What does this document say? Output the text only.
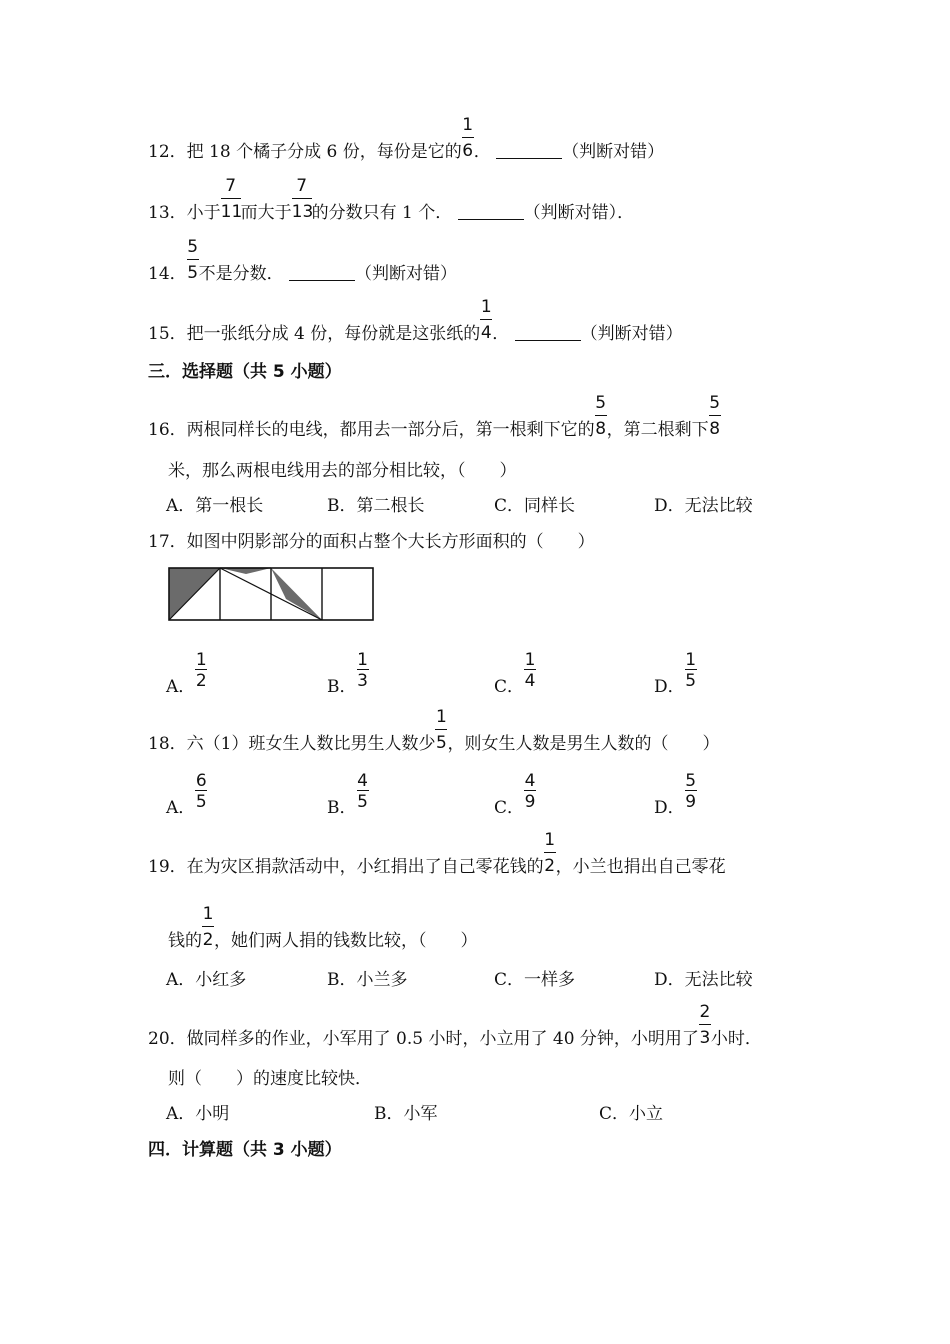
12．把 18 个橘子分成 6 份，每份是它的 $\frac{1}{6}$ ．	（判断对错）
13．小于 $\frac{7}{11}$ 而大于 $\frac{7}{13}$ 的分数只有 1 个．	（判断对错）．
14． $\frac{5}{5}$ 不是分数．	（判断对错）
15．把一张纸分成 4 份，每份就是这张纸的 $\frac{1}{4}$ ．	（判断对错）
三．选择题（共 5 小题）
16．两根同样长的电线，都用去一部分后，第一根剩下它的 $\frac{5}{8}$ ，第二根剩下 $\frac{5}{8}$
米，那么两根电线用去的部分相比较，（　　）
A．第一根长	B．第二根长	C．同样长	D．无法比较
17．如图中阴影部分的面积占整个大长方形面积的（　　）
A． $\frac{1}{2}$	B． $\frac{1}{3}$	C． $\frac{1}{4}$	D． $\frac{1}{5}$
18．六（1）班女生人数比男生人数少 $\frac{1}{5}$ ，则女生人数是男生人数的（　　）
A． $\frac{6}{5}$	B． $\frac{4}{5}$	C． $\frac{4}{9}$	D． $\frac{5}{9}$
19．在为灾区捐款活动中，小红捐出了自己零花钱的 $\frac{1}{2}$ ，小兰也捐出自己零花
钱的 $\frac{1}{2}$ ，她们两人捐的钱数比较，（　　）
A．小红多	B．小兰多	C．一样多	D．无法比较
20．做同样多的作业，小军用了 0.5 小时，小立用了 40 分钟，小明用了 $\frac{2}{3}$ 小时．
则（　　）的速度比较快．
A．小明	B．小军	C．小立
四．计算题（共 3 小题）
